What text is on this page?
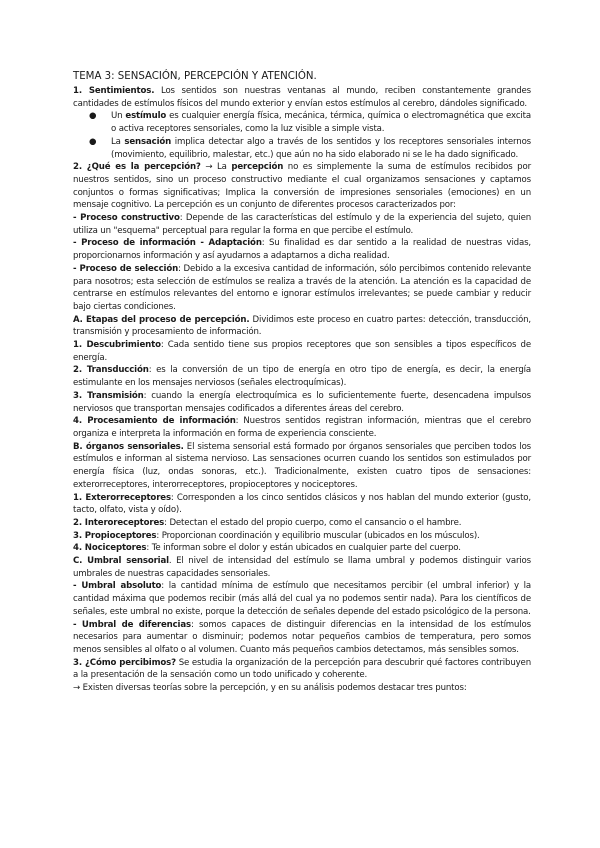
TEMA 3: SENSACIÓN, PERCEPCIÓN Y ATENCIÓN.

1. Sentimientos. Los sentidos son nuestras ventanas al mundo, reciben constantemente grandes cantidades de estímulos físicos del mundo exterior y envían estos estímulos al cerebro, dándoles significado.

● Un estímulo es cualquier energía física, mecánica, térmica, química o electromagnética que excita o activa receptores sensoriales, como la luz visible a simple vista.
● La sensación implica detectar algo a través de los sentidos y los receptores sensoriales internos (movimiento, equilibrio, malestar, etc.) que aún no ha sido elaborado ni se le ha dado significado.

2. ¿Qué es la percepción? → La percepción no es simplemente la suma de estímulos recibidos por nuestros sentidos, sino un proceso constructivo mediante el cual organizamos sensaciones y captamos conjuntos o formas significativas; Implica la conversión de impresiones sensoriales (emociones) en un mensaje cognitivo. La percepción es un conjunto de diferentes procesos caracterizados por:

- Proceso constructivo: Depende de las características del estímulo y de la experiencia del sujeto, quien utiliza un "esquema" perceptual para regular la forma en que percibe el estímulo.

- Proceso de información - Adaptación: Su finalidad es dar sentido a la realidad de nuestras vidas, proporcionarnos información y así ayudarnos a adaptarnos a dicha realidad.

- Proceso de selección: Debido a la excesiva cantidad de información, sólo percibimos contenido relevante para nosotros; esta selección de estímulos se realiza a través de la atención. La atención es la capacidad de centrarse en estímulos relevantes del entorno e ignorar estímulos irrelevantes; se puede cambiar y reducir bajo ciertas condiciones.

A. Etapas del proceso de percepción. Dividimos este proceso en cuatro partes: detección, transducción, transmisión y procesamiento de información.

1. Descubrimiento: Cada sentido tiene sus propios receptores que son sensibles a tipos específicos de energía.

2. Transducción: es la conversión de un tipo de energía en otro tipo de energía, es decir, la energía estimulante en los mensajes nerviosos (señales electroquímicas).

3. Transmisión: cuando la energía electroquímica es lo suficientemente fuerte, desencadena impulsos nerviosos que transportan mensajes codificados a diferentes áreas del cerebro.

4. Procesamiento de información: Nuestros sentidos registran información, mientras que el cerebro organiza e interpreta la información en forma de experiencia consciente.

B. órganos sensoriales. El sistema sensorial está formado por órganos sensoriales que perciben todos los estímulos e informan al sistema nervioso. Las sensaciones ocurren cuando los sentidos son estimulados por energía física (luz, ondas sonoras, etc.). Tradicionalmente, existen cuatro tipos de sensaciones: exterorreceptores, interorreceptores, propioceptores y nociceptores.

1. Exterorreceptores: Corresponden a los cinco sentidos clásicos y nos hablan del mundo exterior (gusto, tacto, olfato, vista y oído).

2. Interoreceptores: Detectan el estado del propio cuerpo, como el cansancio o el hambre.

3. Propioceptores: Proporcionan coordinación y equilibrio muscular (ubicados en los músculos).

4. Nociceptores: Te informan sobre el dolor y están ubicados en cualquier parte del cuerpo.

C. Umbral sensorial. El nivel de intensidad del estímulo se llama umbral y podemos distinguir varios umbrales de nuestras capacidades sensoriales.

- Umbral absoluto: la cantidad mínima de estímulo que necesitamos percibir (el umbral inferior) y la cantidad máxima que podemos recibir (más allá del cual ya no podemos sentir nada). Para los científicos de señales, este umbral no existe, porque la detección de señales depende del estado psicológico de la persona.

- Umbral de diferencias: somos capaces de distinguir diferencias en la intensidad de los estímulos necesarios para aumentar o disminuir; podemos notar pequeños cambios de temperatura, pero somos menos sensibles al olfato o al volumen. Cuanto más pequeños cambios detectamos, más sensibles somos.

3. ¿Cómo percibimos? Se estudia la organización de la percepción para descubrir qué factores contribuyen a la presentación de la sensación como un todo unificado y coherente.

→ Existen diversas teorías sobre la percepción, y en su análisis podemos destacar tres puntos:
